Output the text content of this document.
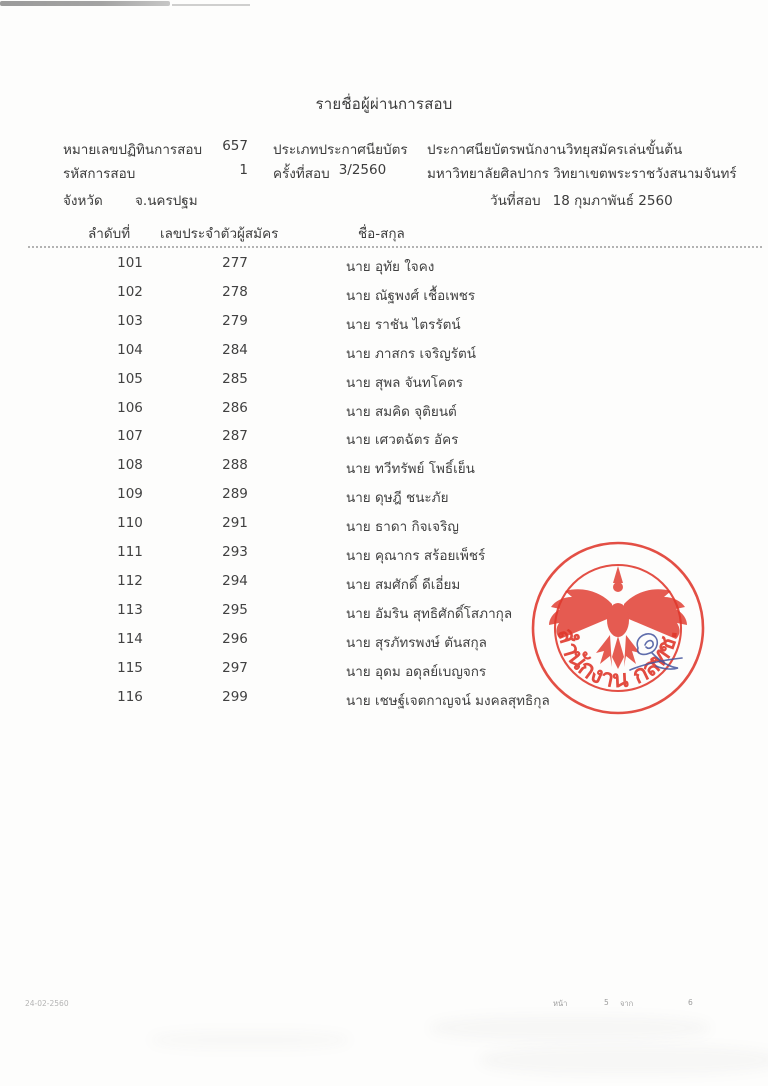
รายชื่อผู้ผ่านการสอบ
หมายเลขปฏิทินการสอบ	657 ประเภทประกาศนียบัตร ประกาศนียบัตรพนักงานวิทยุสมัครเล่นขั้นต้น
รหัสการสอบ	1 ครั้งที่สอบ 3/2560	มหาวิทยาลัยศิลปากร วิทยาเขตพระราชวังสนามจันทร์
จังหวัด จ.นครปฐม	วันที่สอบ 18 กุมภาพันธ์ 2560
ลำดับที่ เลขประจำตัวผู้สมัคร	ชื่อ-สกุล
101	277	นาย อุทัย ใจคง
102	278	นาย ณัฐพงศ์ เชื้อเพชร
103	279	นาย ราชัน ไตรรัตน์
104	284	นาย ภาสกร เจริญรัตน์
105	285	นาย สุพล จันทโคตร
106	286	นาย สมคิด จุติยนต์
107	287	นาย เศวตฉัตร อัคร
108	288	นาย ทวีทรัพย์ โพธิ์เย็น
109	289	นาย ดุษฎี ชนะภัย
110	291	นาย ธาดา กิจเจริญ
111	293	นาย คุณากร สร้อยเพ็ชร์
112	294	นาย สมศักดิ์ ดีเอี่ยม
113	295	นาย อัมริน สุทธิศักดิ์โสภากุล
114	296	นาย สุรภัทรพงษ์ ตันสกุล
115	297	นาย อุดม อดุลย์เบญจกร
116	299	นาย เชษฐ์เจตกาญจน์ มงคลสุทธิกุล
สำนักงาน กสทช.
24-02-2560	หน้า	5 จาก	6
